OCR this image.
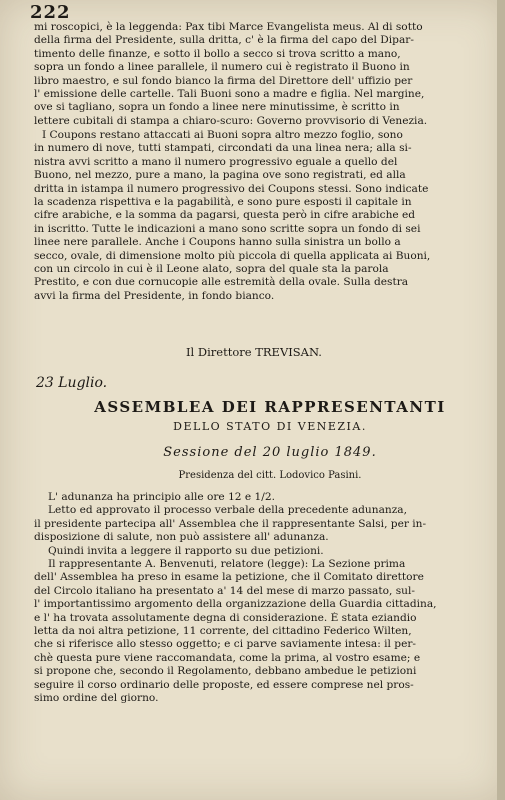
222
mi roscopici, è la leggenda: Pax tibi Marce Evangelista meus. Al di sotto
della firma del Presidente, sulla dritta, c' è la firma del capo del Dipar-
timento delle finanze, e sotto il bollo a secco si trova scritto a mano,
sopra un fondo a linee parallele, il numero cui è registrato il Buono in
libro maestro, e sul fondo bianco la firma del Direttore dell' uffizio per
l' emissione delle cartelle. Tali Buoni sono a madre e figlia. Nel margine,
ove si tagliano, sopra un fondo a linee nere minutissime, è scritto in
lettere cubitali di stampa a chiaro-scuro: Governo provvisorio di Venezia.
I Coupons restano attaccati ai Buoni sopra altro mezzo foglio, sono
in numero di nove, tutti stampati, circondati da una linea nera; alla si-
nistra avvi scritto a mano il numero progressivo eguale a quello del
Buono, nel mezzo, pure a mano, la pagina ove sono registrati, ed alla
dritta in istampa il numero progressivo dei Coupons stessi. Sono indicate
la scadenza rispettiva e la pagabilità, e sono pure esposti il capitale in
cifre arabiche, e la somma da pagarsi, questa però in cifre arabiche ed
in iscritto. Tutte le indicazioni a mano sono scritte sopra un fondo di sei
linee nere parallele. Anche i Coupons hanno sulla sinistra un bollo a
secco, ovale, di dimensione molto più piccola di quella applicata ai Buoni,
con un circolo in cui è il Leone alato, sopra del quale sta la parola
Prestito, e con due cornucopie alle estremità della ovale. Sulla destra
avvi la firma del Presidente, in fondo bianco.
Il Direttore TREVISAN.
23 Luglio.
ASSEMBLEA DEI RAPPRESENTANTI
DELLO STATO DI VENEZIA.
Sessione del 20 luglio 1849.
Presidenza del citt. Lodovico Pasini.
L' adunanza ha principio alle ore 12 e 1/2.
Letto ed approvato il processo verbale della precedente adunanza,
il presidente partecipa all' Assemblea che il rappresentante Salsi, per in-
disposizione di salute, non può assistere all' adunanza.
Quindi invita a leggere il rapporto su due petizioni.
Il rappresentante A. Benvenuti, relatore (legge): La Sezione prima
dell' Assemblea ha preso in esame la petizione, che il Comitato direttore
del Circolo italiano ha presentato a' 14 del mese di marzo passato, sul-
l' importantissimo argomento della organizzazione della Guardia cittadina,
e l' ha trovata assolutamente degna di considerazione. È stata eziandio
letta da noi altra petizione, 11 corrente, del cittadino Federico Wilten,
che si riferisce allo stesso oggetto; e ci parve saviamente intesa: il per-
chè questa pure viene raccomandata, come la prima, al vostro esame; e
si propone che, secondo il Regolamento, debbano ambedue le petizioni
seguire il corso ordinario delle proposte, ed essere comprese nel pros-
simo ordine del giorno.
